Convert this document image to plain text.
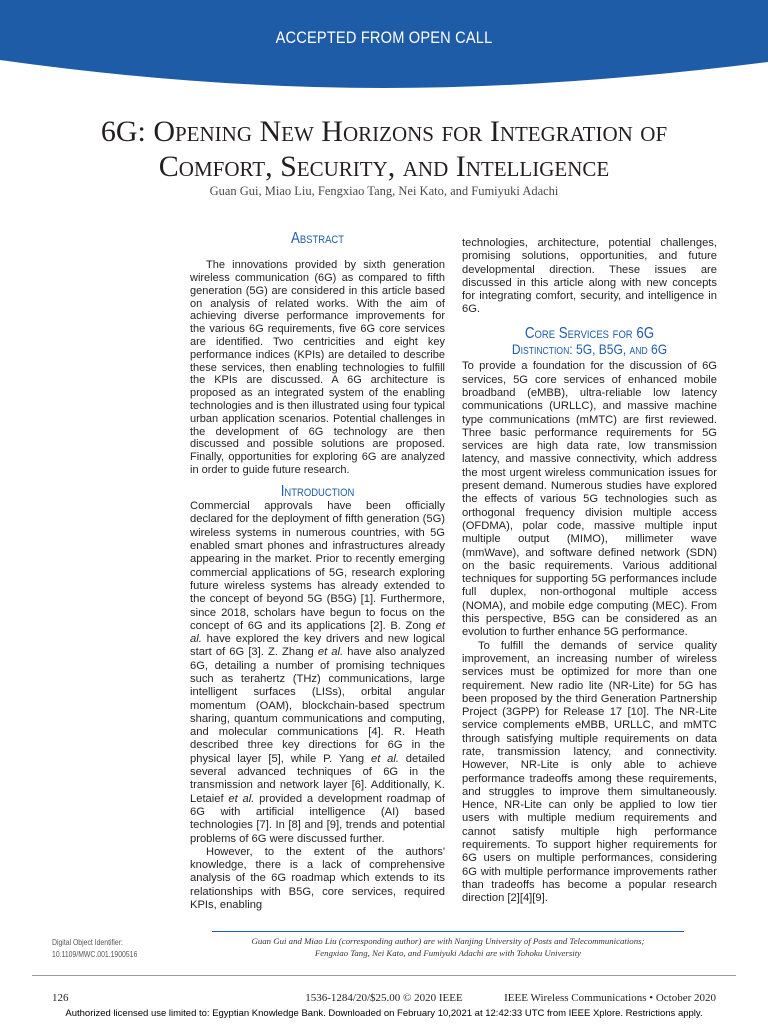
ACCEPTED FROM OPEN CALL
6G: Opening New Horizons for Integration of
Comfort, Security, and Intelligence
Guan Gui, Miao Liu, Fengxiao Tang, Nei Kato, and Fumiyuki Adachi
Abstract

The innovations provided by sixth generation wireless communication (6G) as compared to fifth generation (5G) are considered in this article based on analysis of related works. With the aim of achieving diverse performance improvements for the various 6G requirements, five 6G core services are identified. Two centricities and eight key performance indices (KPIs) are detailed to describe these services, then enabling technologies to fulfill the KPIs are discussed. A 6G architecture is proposed as an integrated system of the enabling technologies and is then illustrated using four typical urban application scenarios. Potential challenges in the development of 6G technology are then discussed and possible solutions are proposed. Finally, opportunities for exploring 6G are analyzed in order to guide future research.

Introduction

Commercial approvals have been officially declared for the deployment of fifth generation (5G) wireless systems in numerous countries, with 5G enabled smart phones and infrastructures already appearing in the market. Prior to recently emerging commercial applications of 5G, research exploring future wireless systems has already extended to the concept of beyond 5G (B5G) [1]. Furthermore, since 2018, scholars have begun to focus on the concept of 6G and its applications [2]. B. Zong et al. have explored the key drivers and new logical start of 6G [3]. Z. Zhang et al. have also analyzed 6G, detailing a number of promising techniques such as terahertz (THz) communications, large intelligent surfaces (LISs), orbital angular momentum (OAM), blockchain-based spectrum sharing, quantum communications and computing, and molecular communications [4]. R. Heath described three key directions for 6G in the physical layer [5], while P. Yang et al. detailed several advanced techniques of 6G in the transmission and network layer [6]. Additionally, K. Letaief et al. provided a development roadmap of 6G with artificial intelligence (AI) based technologies [7]. In [8] and [9], trends and potential problems of 6G were discussed further.

However, to the extent of the authors' knowledge, there is a lack of comprehensive analysis of the 6G roadmap which extends to its relationships with B5G, core services, required KPIs, enabling

technologies, architecture, potential challenges, promising solutions, opportunities, and future developmental direction. These issues are discussed in this article along with new concepts for integrating comfort, security, and intelligence in 6G.

Core Services for 6G
Distinction: 5G, B5G, and 6G

To provide a foundation for the discussion of 6G services, 5G core services of enhanced mobile broadband (eMBB), ultra-reliable low latency communications (URLLC), and massive machine type communications (mMTC) are first reviewed. Three basic performance requirements for 5G services are high data rate, low transmission latency, and massive connectivity, which address the most urgent wireless communication issues for present demand. Numerous studies have explored the effects of various 5G technologies such as orthogonal frequency division multiple access (OFDMA), polar code, massive multiple input multiple output (MIMO), millimeter wave (mmWave), and software defined network (SDN) on the basic requirements. Various additional techniques for supporting 5G performances include full duplex, non-orthogonal multiple access (NOMA), and mobile edge computing (MEC). From this perspective, B5G can be considered as an evolution to further enhance 5G performance.

To fulfill the demands of service quality improvement, an increasing number of wireless services must be optimized for more than one requirement. New radio lite (NR-Lite) for 5G has been proposed by the third Generation Partnership Project (3GPP) for Release 17 [10]. The NR-Lite service complements eMBB, URLLC, and mMTC through satisfying multiple requirements on data rate, transmission latency, and connectivity. However, NR-Lite is only able to achieve performance tradeoffs among these requirements, and struggles to improve them simultaneously. Hence, NR-Lite can only be applied to low tier users with multiple medium requirements and cannot satisfy multiple high performance requirements. To support higher requirements for 6G users on multiple performances, considering 6G with multiple performance improvements rather than tradeoffs has become a popular research direction [2][4][9].

Digital Object Identifier:
10.1109/MWC.001.1900516
Guan Gui and Miao Liu (corresponding author) are with Nanjing University of Posts and Telecommunications;
Fengxiao Tang, Nei Kato, and Fumiyuki Adachi are with Tohoku University
126	1536-1284/20/$25.00 © 2020 IEEE	IEEE Wireless Communications • October 2020
Authorized licensed use limited to: Egyptian Knowledge Bank. Downloaded on February 10,2021 at 12:42:33 UTC from IEEE Xplore. Restrictions apply.
